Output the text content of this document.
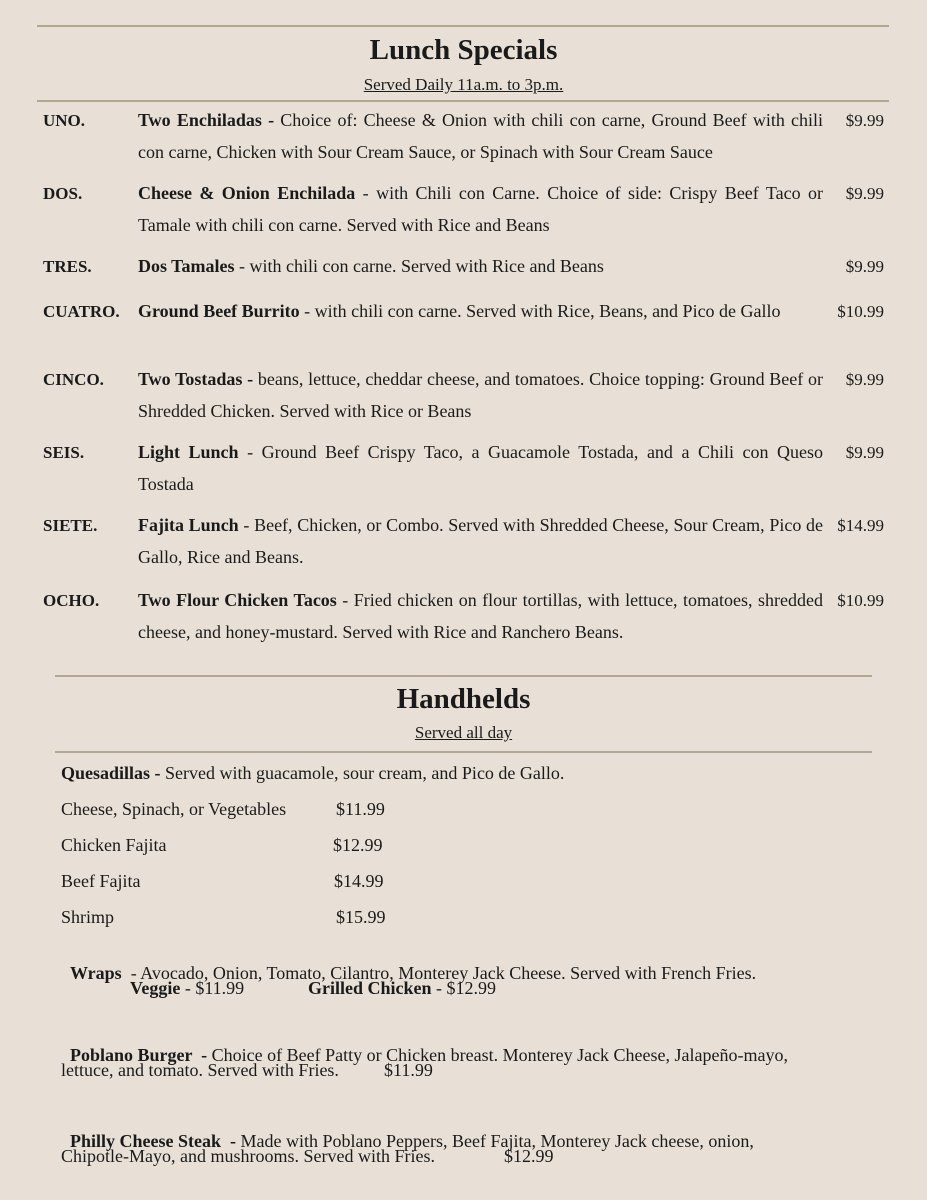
Lunch Specials
Served Daily 11a.m. to 3p.m.
UNO.	Two Enchiladas - Choice of: Cheese & Onion with chili con carne, Ground Beef with chili con carne, Chicken with Sour Cream Sauce, or Spinach with Sour Cream Sauce
$9.99
DOS.	Cheese & Onion Enchilada - with Chili con Carne. Choice of side: Crispy Beef Taco or Tamale with chili con carne. Served with Rice and Beans
$9.99
TRES.	Dos Tamales - with chili con carne. Served with Rice and Beans	$9.99
CUATRO. Ground Beef Burrito - with chili con carne. Served with Rice, Beans, and Pico de Gallo	$10.99
CINCO. Two Tostadas - beans, lettuce, cheddar cheese, and tomatoes. Choice topping: Ground Beef or Shredded Chicken. Served with Rice or Beans
$9.99
SEIS.	Light Lunch - Ground Beef Crispy Taco, a Guacamole Tostada, and a Chili con Queso Tostada
$9.99
SIETE. Fajita Lunch - Beef, Chicken, or Combo. Served with Shredded Cheese, Sour Cream, Pico de Gallo, Rice and Beans.
$14.99
OCHO. Two Flour Chicken Tacos - Fried chicken on flour tortillas, with lettuce, tomatoes, shredded cheese, and honey-mustard. Served with Rice and Ranchero Beans.
$10.99
Handhelds
Served all day
Quesadillas - Served with guacamole, sour cream, and Pico de Gallo.
Cheese, Spinach, or Vegetables	$11.99
Chicken Fajita	$12.99
Beef Fajita	$14.99
Shrimp	$15.99

Wraps  - Avocado, Onion, Tomato, Cilantro, Monterey Jack Cheese. Served with French Fries.

Veggie - $11.99	Grilled Chicken - $12.99

Poblano Burger  - Choice of Beef Patty or Chicken breast. Monterey Jack Cheese, Jalapeño-mayo,

lettuce, and tomato. Served with Fries.	$11.99

Philly Cheese Steak  - Made with Poblano Peppers, Beef Fajita, Monterey Jack cheese, onion,

Chipotle-Mayo, and mushrooms. Served with Fries.	$12.99
